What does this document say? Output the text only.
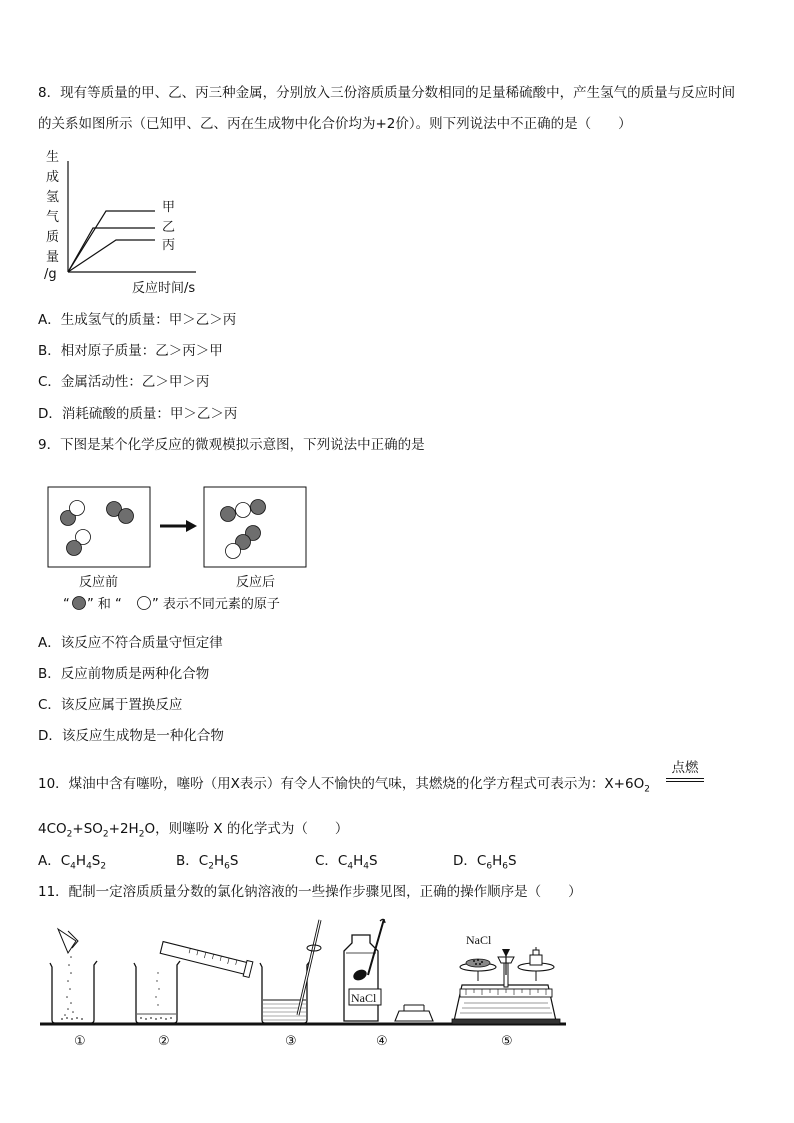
8．现有等质量的甲、乙、丙三种金属，分别放入三份溶质质量分数相同的足量稀硫酸中，产生氢气的质量与反应时间
的关系如图所示（已知甲、乙、丙在生成物中化合价均为+2价）。则下列说法中不正确的是（　　）
生
成
氢
气
质
量
/g
甲
乙
丙
反应时间/s
A．生成氢气的质量：甲＞乙＞丙
B．相对原子质量：乙＞丙＞甲
C．金属活动性：乙＞甲＞丙
D．消耗硫酸的质量：甲＞乙＞丙
9．下图是某个化学反应的微观模拟示意图，下列说法中正确的是
反应前	反应后
“ ” 和 “ ” 表示不同元素的原子
A．该反应不符合质量守恒定律
B．反应前物质是两种化合物
C．该反应属于置换反应
D．该反应生成物是一种化合物
10．煤油中含有噻吩，噻吩（用X表示）有令人不愉快的气味，其燃烧的化学方程式可表示为：$X+6O_2$
点燃
$4CO_2+SO_2+2H_2O$，则噻吩 X 的化学式为（　　）
A．$C_4H_4S_2$	B．$C_2H_6S$	C．$C_4H_4S$	D．$C_6H_6S$
11．配制一定溶质质量分数的氯化钠溶液的一些操作步骤见图，正确的操作顺序是（　　）
NaCl
NaCl
①	②	③	④	⑤
